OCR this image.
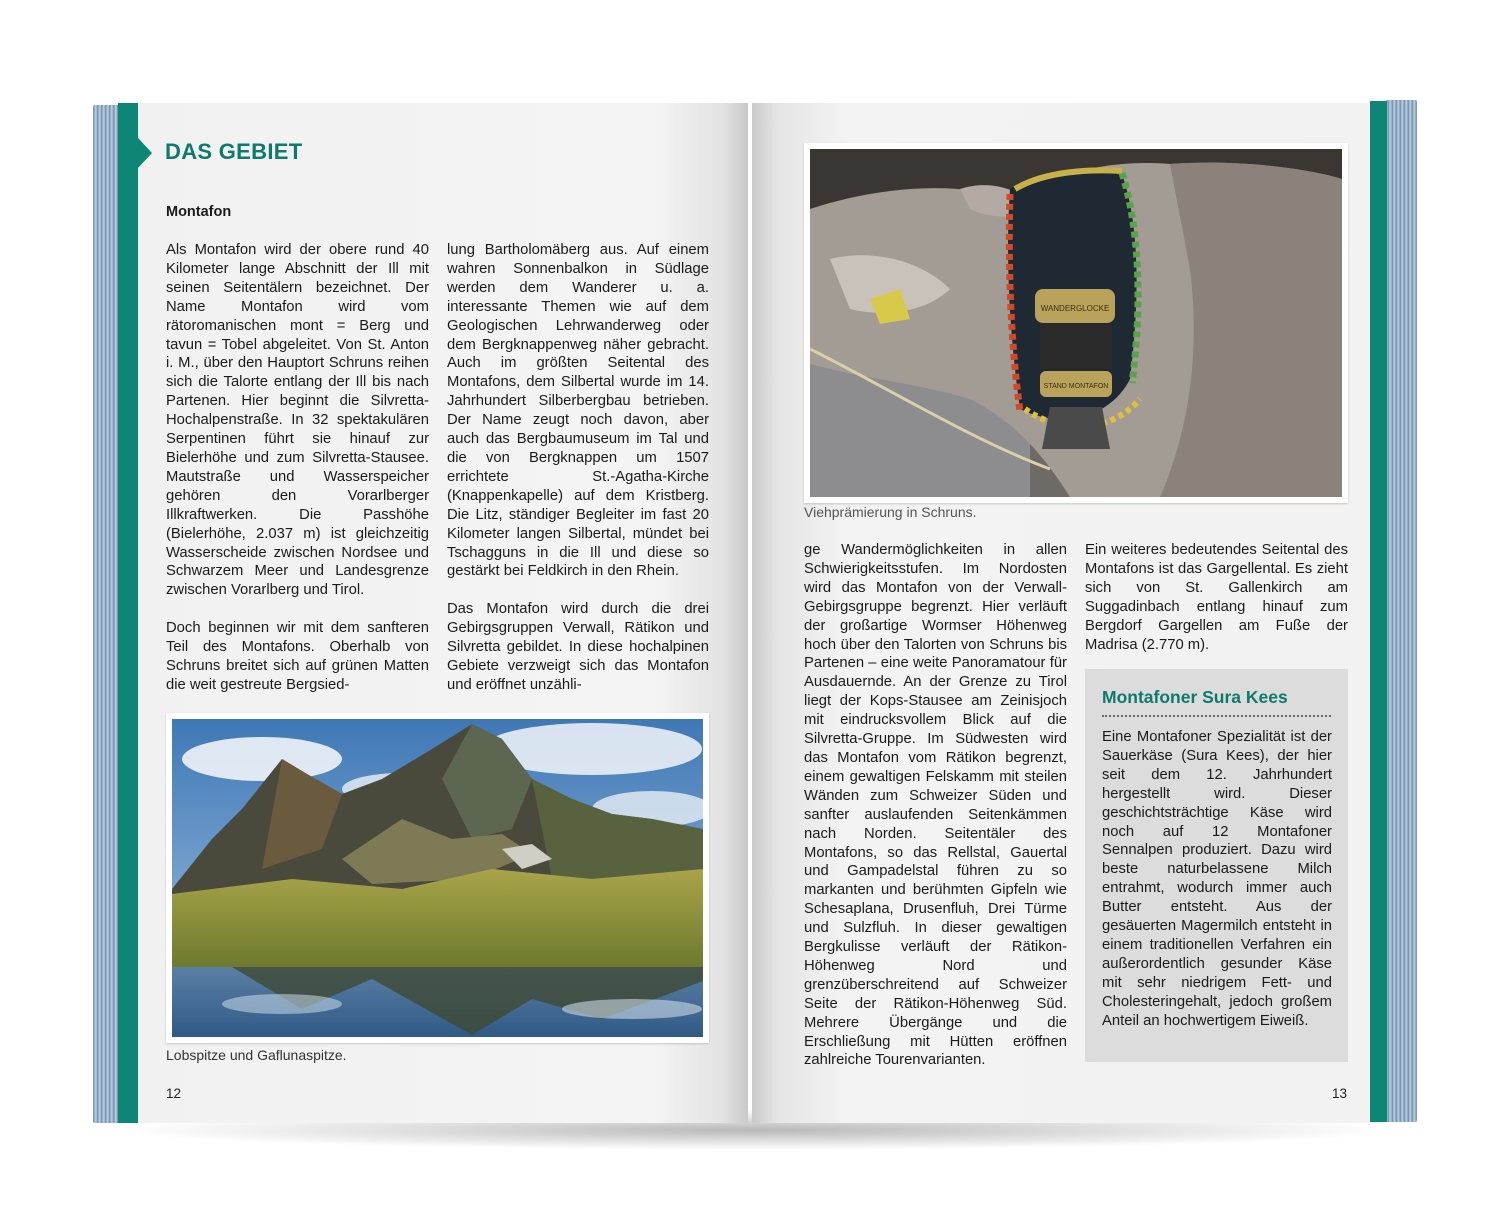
DAS GEBIET
Montafon

Als Montafon wird der obere rund 40 Kilometer lange Abschnitt der Ill mit seinen Seitentälern bezeichnet. Der Name Montafon wird vom rätoromanischen mont = Berg und tavun = Tobel abgeleitet. Von St. Anton i. M., über den Hauptort Schruns reihen sich die Talorte entlang der Ill bis nach Partenen. Hier beginnt die Silvretta-Hochalpenstraße. In 32 spektakulären Serpentinen führt sie hinauf zur Bielerhöhe und zum Silvretta-Stausee. Mautstraße und Wasserspeicher gehören den Vorarlberger Illkraftwerken. Die Passhöhe (Bielerhöhe, 2.037 m) ist gleichzeitig Wasserscheide zwischen Nordsee und Schwarzem Meer und Landesgrenze zwischen Vorarlberg und Tirol.

Doch beginnen wir mit dem sanfteren Teil des Montafons. Oberhalb von Schruns breitet sich auf grünen Matten die weit gestreute Bergsied-

lung Bartholomäberg aus. Auf einem wahren Sonnenbalkon in Südlage werden dem Wanderer u. a. interessante Themen wie auf dem Geologischen Lehrwanderweg oder dem Bergknappenweg näher gebracht. Auch im größten Seitental des Montafons, dem Silbertal wurde im 14. Jahrhundert Silberbergbau betrieben. Der Name zeugt noch davon, aber auch das Bergbaumuseum im Tal und die von Bergknappen um 1507 errichtete St.-Agatha-Kirche (Knappenkapelle) auf dem Kristberg. Die Litz, ständiger Begleiter im fast 20 Kilometer langen Silbertal, mündet bei Tschagguns in die Ill und diese so gestärkt bei Feldkirch in den Rhein.

Das Montafon wird durch die drei Gebirgsgruppen Verwall, Rätikon und Silvretta gebildet. In diese hochalpinen Gebiete verzweigt sich das Montafon und eröffnet unzähli-

Lobspitze und Gaflunaspitze.
12
WANDERGLOCKE
STAND MONTAFON
Viehprämierung in Schruns.

ge Wandermöglichkeiten in allen Schwierigkeitsstufen. Im Nordosten wird das Montafon von der Verwall-Gebirgsgruppe begrenzt. Hier verläuft der großartige Wormser Höhenweg hoch über den Talorten von Schruns bis Partenen – eine weite Panoramatour für Ausdauernde. An der Grenze zu Tirol liegt der Kops-Stausee am Zeinisjoch mit eindrucksvollem Blick auf die Silvretta-Gruppe. Im Südwesten wird das Montafon vom Rätikon begrenzt, einem gewaltigen Felskamm mit steilen Wänden zum Schweizer Süden und sanfter auslaufenden Seitenkämmen nach Norden. Seitentäler des Montafons, so das Rellstal, Gauertal und Gampadelstal führen zu so markanten und berühmten Gipfeln wie Schesaplana, Drusenfluh, Drei Türme und Sulzfluh. In dieser gewaltigen Bergkulisse verläuft der Rätikon-Höhenweg Nord und grenzüberschreitend auf Schweizer Seite der Rätikon-Höhenweg Süd. Mehrere Übergänge und die Erschließung mit Hütten eröffnen zahlreiche Tourenvarianten.

Ein weiteres bedeutendes Seitental des Montafons ist das Gargellental. Es zieht sich von St. Gallenkirch am Suggadinbach entlang hinauf zum Bergdorf Gargellen am Fuße der Madrisa (2.770 m).

Montafoner Sura Kees
Eine Montafoner Spezialität ist der Sauerkäse (Sura Kees), der hier seit dem 12. Jahrhundert hergestellt wird. Dieser geschichtsträchtige Käse wird noch auf 12 Montafoner Sennalpen produziert. Dazu wird beste naturbelassene Milch entrahmt, wodurch immer auch Butter entsteht. Aus der gesäuerten Magermilch entsteht in einem traditionellen Verfahren ein außerordentlich gesunder Käse mit sehr niedrigem Fett- und Cholesteringehalt, jedoch großem Anteil an hochwertigem Eiweiß.
13
